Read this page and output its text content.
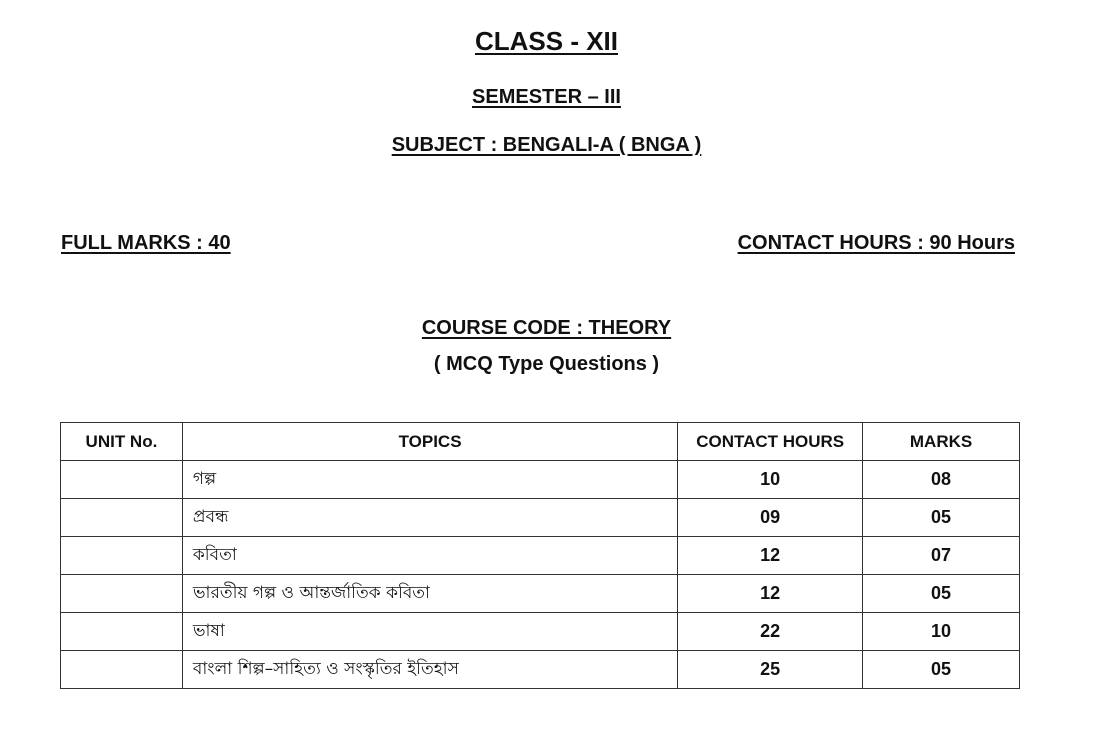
CLASS - XII
SEMESTER – III
SUBJECT : BENGALI-A ( BNGA )
FULL MARKS : 40	CONTACT HOURS : 90 Hours
COURSE CODE : THEORY
( MCQ Type Questions )
UNIT No.	TOPICS	CONTACT HOURS	MARKS
	গল্প	10	08
	প্রবন্ধ	09	05
	কবিতা	12	07
	ভারতীয় গল্প ও আন্তর্জাতিক কবিতা	12	05
	ভাষা	22	10
	বাংলা শিল্প–সাহিত্য ও সংস্কৃতির ইতিহাস	25	05
